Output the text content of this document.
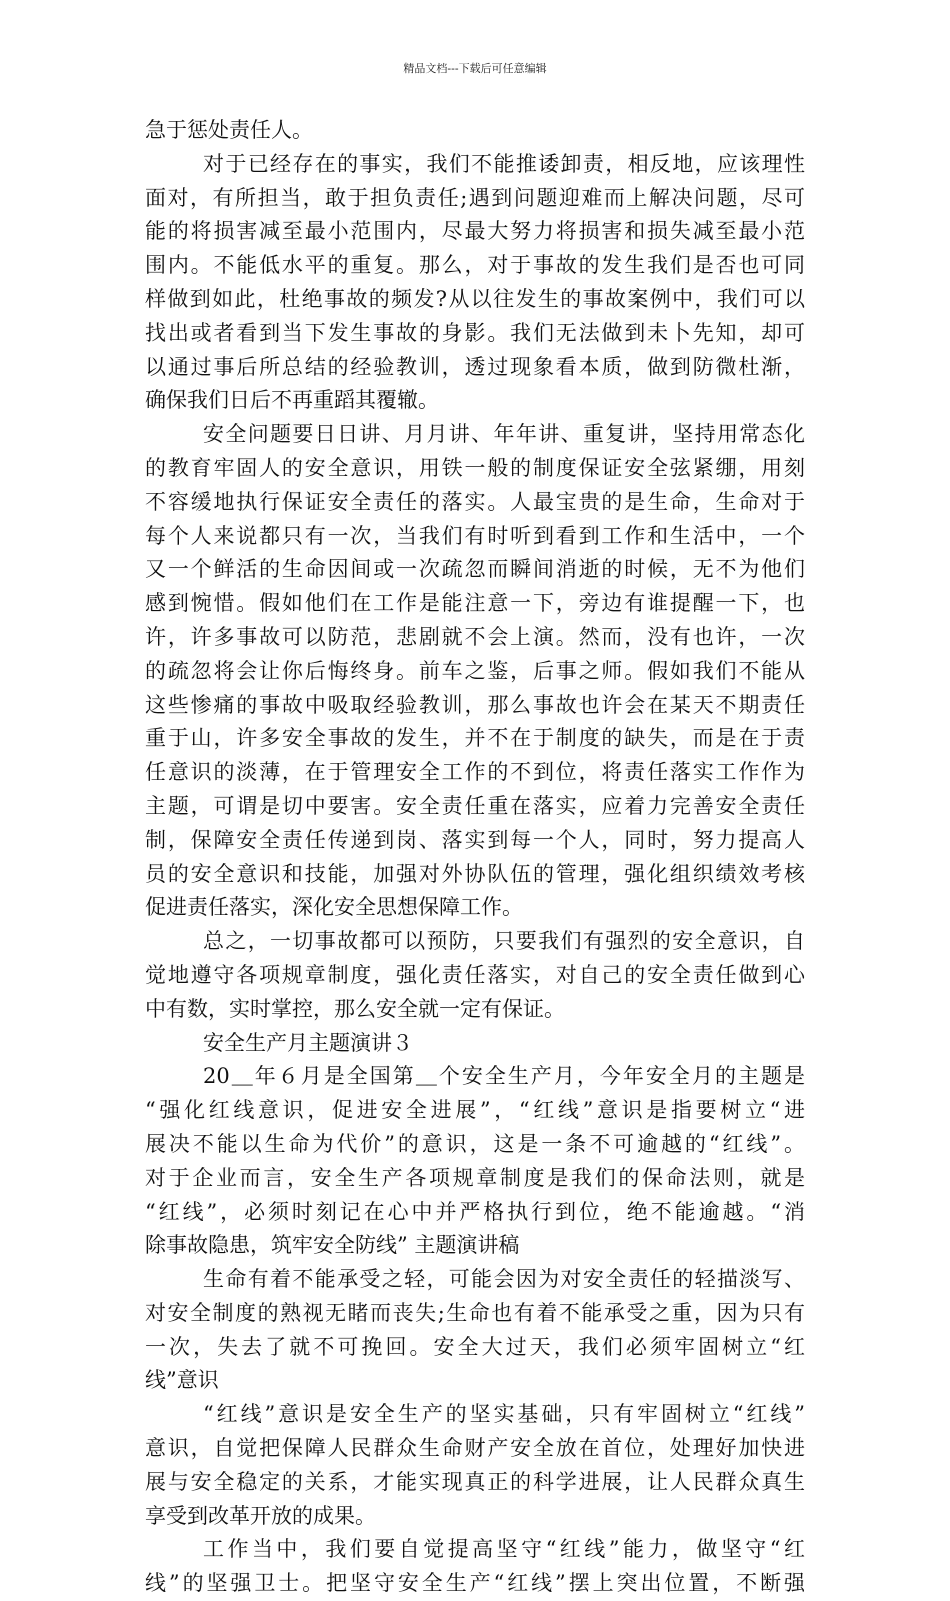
精品文档---下载后可任意编辑
急于惩处责任人。
对于已经存在的事实，我们不能推诿卸责，相反地，应该理性
面对，有所担当，敢于担负责任;遇到问题迎难而上解决问题，尽可
能的将损害减至最小范围内，尽最大努力将损害和损失减至最小范
围内。不能低水平的重复。那么，对于事故的发生我们是否也可同
样做到如此，杜绝事故的频发?从以往发生的事故案例中，我们可以
找出或者看到当下发生事故的身影。我们无法做到未卜先知，却可
以通过事后所总结的经验教训，透过现象看本质，做到防微杜渐，
确保我们日后不再重蹈其覆辙。
安全问题要日日讲、月月讲、年年讲、重复讲，坚持用常态化
的教育牢固人的安全意识，用铁一般的制度保证安全弦紧绷，用刻
不容缓地执行保证安全责任的落实。人最宝贵的是生命，生命对于
每个人来说都只有一次，当我们有时听到看到工作和生活中，一个
又一个鲜活的生命因间或一次疏忽而瞬间消逝的时候，无不为他们
感到惋惜。假如他们在工作是能注意一下，旁边有谁提醒一下，也
许，许多事故可以防范，悲剧就不会上演。然而，没有也许，一次
的疏忽将会让你后悔终身。前车之鉴，后事之师。假如我们不能从
这些惨痛的事故中吸取经验教训，那么事故也许会在某天不期责任
重于山，许多安全事故的发生，并不在于制度的缺失，而是在于责
任意识的淡薄，在于管理安全工作的不到位，将责任落实工作作为
主题，可谓是切中要害。安全责任重在落实，应着力完善安全责任
制，保障安全责任传递到岗、落实到每一个人，同时，努力提高人
员的安全意识和技能，加强对外协队伍的管理，强化组织绩效考核
促进责任落实，深化安全思想保障工作。
总之，一切事故都可以预防，只要我们有强烈的安全意识，自
觉地遵守各项规章制度，强化责任落实，对自己的安全责任做到心
中有数，实时掌控，那么安全就一定有保证。
安全生产月主题演讲３
20＿年６月是全国第＿个安全生产月，今年安全月的主题是
“强化红线意识，促进安全进展”，“红线”意识是指要树立“进
展决不能以生命为代价”的意识，这是一条不可逾越的“红线”。
对于企业而言，安全生产各项规章制度是我们的保命法则，就是
“红线”，必须时刻记在心中并严格执行到位，绝不能逾越。“消
除事故隐患，筑牢安全防线” 主题演讲稿
生命有着不能承受之轻，可能会因为对安全责任的轻描淡写、
对安全制度的熟视无睹而丧失;生命也有着不能承受之重，因为只有
一次，失去了就不可挽回。安全大过天，我们必须牢固树立“红
线”意识
“红线”意识是安全生产的坚实基础，只有牢固树立“红线”
意识，自觉把保障人民群众生命财产安全放在首位，处理好加快进
展与安全稳定的关系，才能实现真正的科学进展，让人民群众真生
享受到改革开放的成果。
工作当中，我们要自觉提高坚守“红线”能力，做坚守“红
线”的坚强卫士。把坚守安全生产“红线”摆上突出位置，不断强
